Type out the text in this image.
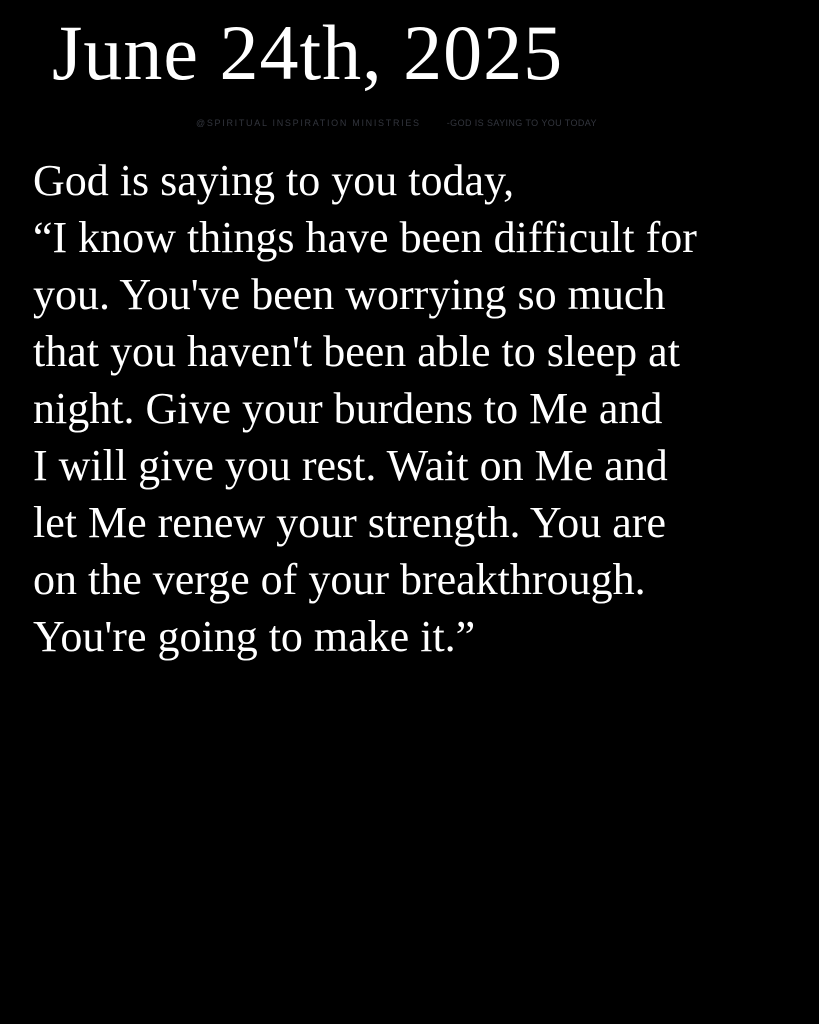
June 24th, 2025
@SPIRITUAL INSPIRATION MINISTRIES	-GOD IS SAYING TO YOU TODAY
God is saying to you today,
“I know things have been difficult for
you. You've been worrying so much
that you haven't been able to sleep at
night. Give your burdens to Me and
I will give you rest. Wait on Me and
let Me renew your strength. You are
on the verge of your breakthrough.
You're going to make it.”
